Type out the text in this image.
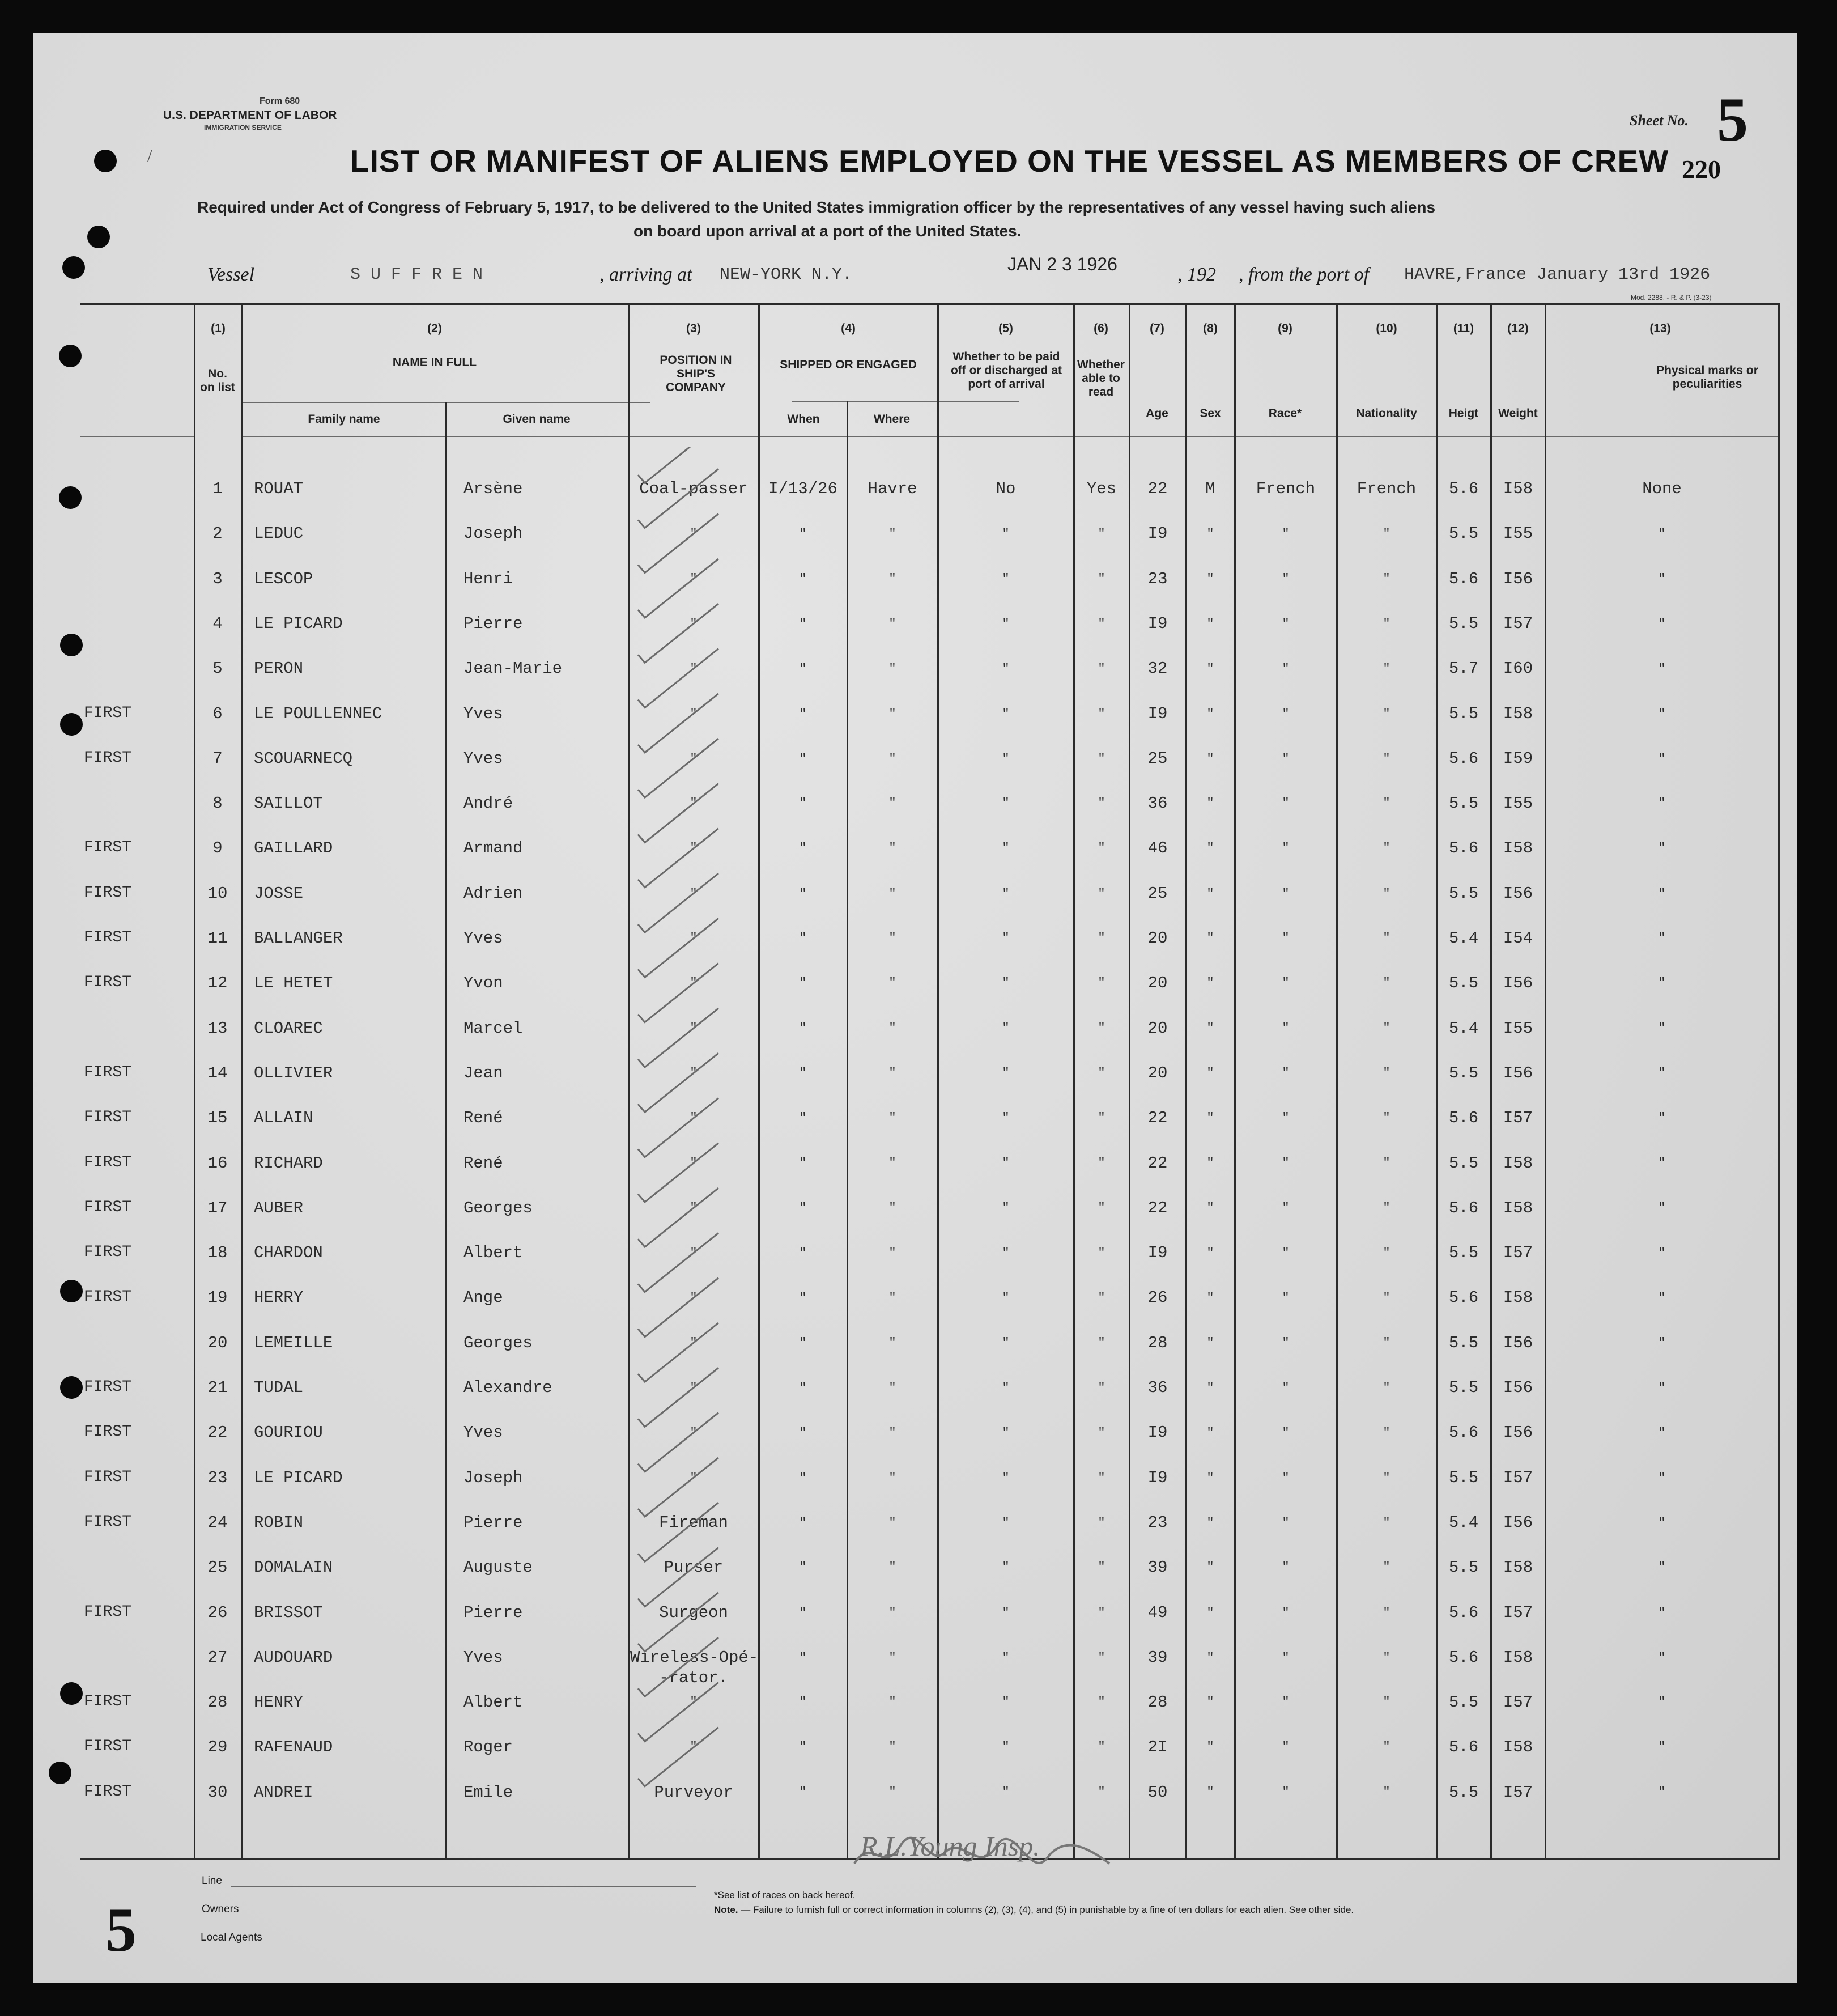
/
Form 680
U.S. DEPARTMENT OF LABOR
IMMIGRATION SERVICE	Sheet No. 5
220
LIST OR MANIFEST OF ALIENS EMPLOYED ON THE VESSEL AS MEMBERS OF CREW
Required under Act of Congress of February 5, 1917, to be delivered to the United States immigration officer by the representatives of any vessel having such aliens
on board upon arrival at a port of the United States.
Vessel	S U F F R E N	, arriving at NEW-YORK N.Y.
JAN 2 3 1926	, 192 , from the port of HAVRE,France January 13rd 1926
Mod. 2288. - R. & P. (3-23)
(1)
No. on list
(2)
NAME IN FULL
Family name	Given name
(3)
POSITION IN SHIP'S COMPANY
(4)
SHIPPED OR ENGAGED
When	Where
(5)
Whether to be paid off or discharged at port of arrival
(6)
Whether able to read
(7)
Age
(8)
Sex
(9)
Race*
(10)
Nationality
(11)
Heigt
(12)
Weight
(13)
Physical marks or peculiarities
1	ROUAT	Arsène	Coal-passer	I/13/26	Havre	No	Yes	22	M	French	French	5.6	I58	None
2	LEDUC	Joseph	"	"	"	"	"	I9	"	"	"	5.5	I55	"
3	LESCOP	Henri	"	"	"	"	"	23	"	"	"	5.6	I56	"
4	LE PICARD	Pierre	"	"	"	"	"	I9	"	"	"	5.5	I57	"
5	PERON	Jean-Marie	"	"	"	"	"	32	"	"	"	5.7	I60	"
FIRST	6	LE POULLENNEC	Yves	"	"	"	"	"	I9	"	"	"	5.5	I58	"
FIRST	7	SCOUARNECQ	Yves	"	"	"	"	"	25	"	"	"	5.6	I59	"
8	SAILLOT	André	"	"	"	"	"	36	"	"	"	5.5	I55	"
FIRST	9	GAILLARD	Armand	"	"	"	"	"	46	"	"	"	5.6	I58	"
FIRST	10	JOSSE	Adrien	"	"	"	"	"	25	"	"	"	5.5	I56	"
FIRST	11	BALLANGER	Yves	"	"	"	"	"	20	"	"	"	5.4	I54	"
FIRST	12	LE HETET	Yvon	"	"	"	"	"	20	"	"	"	5.5	I56	"
13	CLOAREC	Marcel	"	"	"	"	"	20	"	"	"	5.4	I55	"
FIRST	14	OLLIVIER	Jean	"	"	"	"	"	20	"	"	"	5.5	I56	"
FIRST	15	ALLAIN	René	"	"	"	"	"	22	"	"	"	5.6	I57	"
FIRST	16	RICHARD	René	"	"	"	"	"	22	"	"	"	5.5	I58	"
FIRST	17	AUBER	Georges	"	"	"	"	"	22	"	"	"	5.6	I58	"
FIRST	18	CHARDON	Albert	"	"	"	"	"	I9	"	"	"	5.5	I57	"
FIRST	19	HERRY	Ange	"	"	"	"	"	26	"	"	"	5.6	I58	"
20	LEMEILLE	Georges	"	"	"	"	"	28	"	"	"	5.5	I56	"
FIRST	21	TUDAL	Alexandre	"	"	"	"	"	36	"	"	"	5.5	I56	"
FIRST	22	GOURIOU	Yves	"	"	"	"	"	I9	"	"	"	5.6	I56	"
FIRST	23	LE PICARD	Joseph	"	"	"	"	"	I9	"	"	"	5.5	I57	"
FIRST	24	ROBIN	Pierre	Fireman	"	"	"	"	23	"	"	"	5.4	I56	"
25	DOMALAIN	Auguste	Purser	"	"	"	"	39	"	"	"	5.5	I58	"
FIRST	26	BRISSOT	Pierre	Surgeon	"	"	"	"	49	"	"	"	5.6	I57	"
27	AUDOUARD	Yves	Wireless-Opé-	"	"	"	"	39	"	"	"	5.6	I58	"
-rator.
FIRST	28	HENRY	Albert	"	"	"	"	"	28	"	"	"	5.5	I57	"
FIRST	29	RAFENAUD	Roger	"	"	"	"	"	2I	"	"	"	5.6	I58	"
FIRST	30	ANDREI	Emile	Purveyor	"	"	"	"	50	"	"	"	5.5	I57	"
R.L.Young Insp.
5
Line
Owners
Local Agents
*See list of races on back hereof.
Note. — Failure to furnish full or correct information in columns (2), (3), (4), and (5) in punishable by a fine of ten dollars for each alien. See other side.
